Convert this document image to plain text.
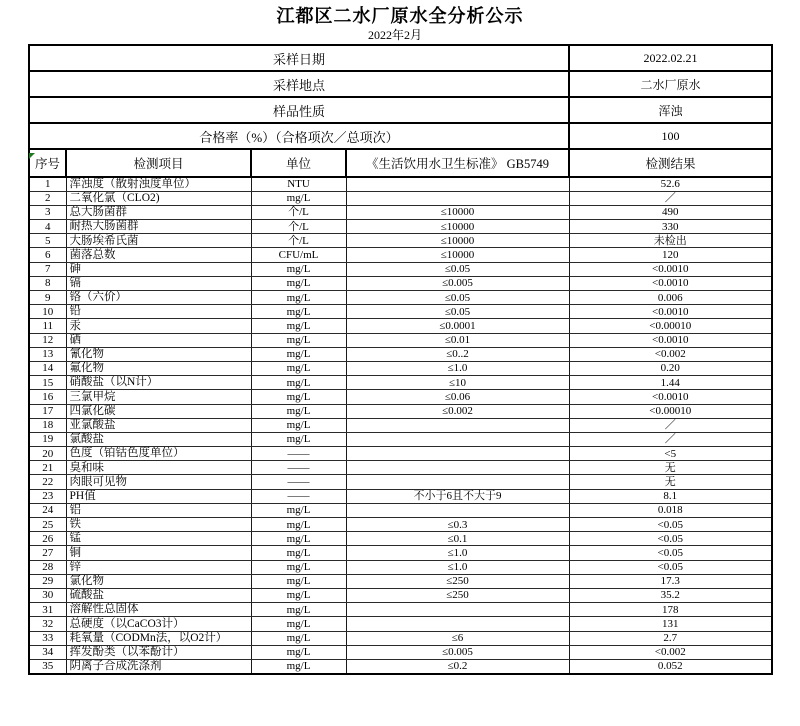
江都区二水厂原水全分析公示
2022年2月
采样日期				2022.02.21
采样地点				二水厂原水
样品性质				浑浊
合格率（%）（合格项次／总项次）				100
序号	检测项目	单位	《生活饮用水卫生标准》 GB5749	检测结果
1	浑浊度（散射浊度单位）	NTU		52.6
2	二氧化氯（CLO2)	mg/L		／
3	总大肠菌群	个/L	≤10000	490
4	耐热大肠菌群	个/L	≤10000	330
5	大肠埃希氏菌	个/L	≤10000	未检出
6	菌落总数	CFU/mL	≤10000	120
7	砷	mg/L	≤0.05	<0.0010
8	镉	mg/L	≤0.005	<0.0010
9	铬（六价）	mg/L	≤0.05	0.006
10	铅	mg/L	≤0.05	<0.0010
11	汞	mg/L	≤0.0001	<0.00010
12	硒	mg/L	≤0.01	<0.0010
13	氰化物	mg/L	≤0..2	<0.002
14	氟化物	mg/L	≤1.0	0.20
15	硝酸盐（以N计）	mg/L	≤10	1.44
16	三氯甲烷	mg/L	≤0.06	<0.0010
17	四氯化碳	mg/L	≤0.002	<0.00010
18	亚氯酸盐	mg/L		／
19	氯酸盐	mg/L		／
20	色度（铂钴色度单位）	——		<5
21	臭和味	——		无
22	肉眼可见物	——		无
23	PH值	——	不小于6且不大于9	8.1
24	铝	mg/L		0.018
25	铁	mg/L	≤0.3	<0.05
26	锰	mg/L	≤0.1	<0.05
27	铜	mg/L	≤1.0	<0.05
28	锌	mg/L	≤1.0	<0.05
29	氯化物	mg/L	≤250	17.3
30	硫酸盐	mg/L	≤250	35.2
31	溶解性总固体	mg/L		178
32	总硬度（以CaCO3计）	mg/L		131
33	耗氧量（CODMn法，以O2计）	mg/L	≤6	2.7
34	挥发酚类（以苯酚计）	mg/L	≤0.005	<0.002
35	阴离子合成洗涤剂	mg/L	≤0.2	0.052
